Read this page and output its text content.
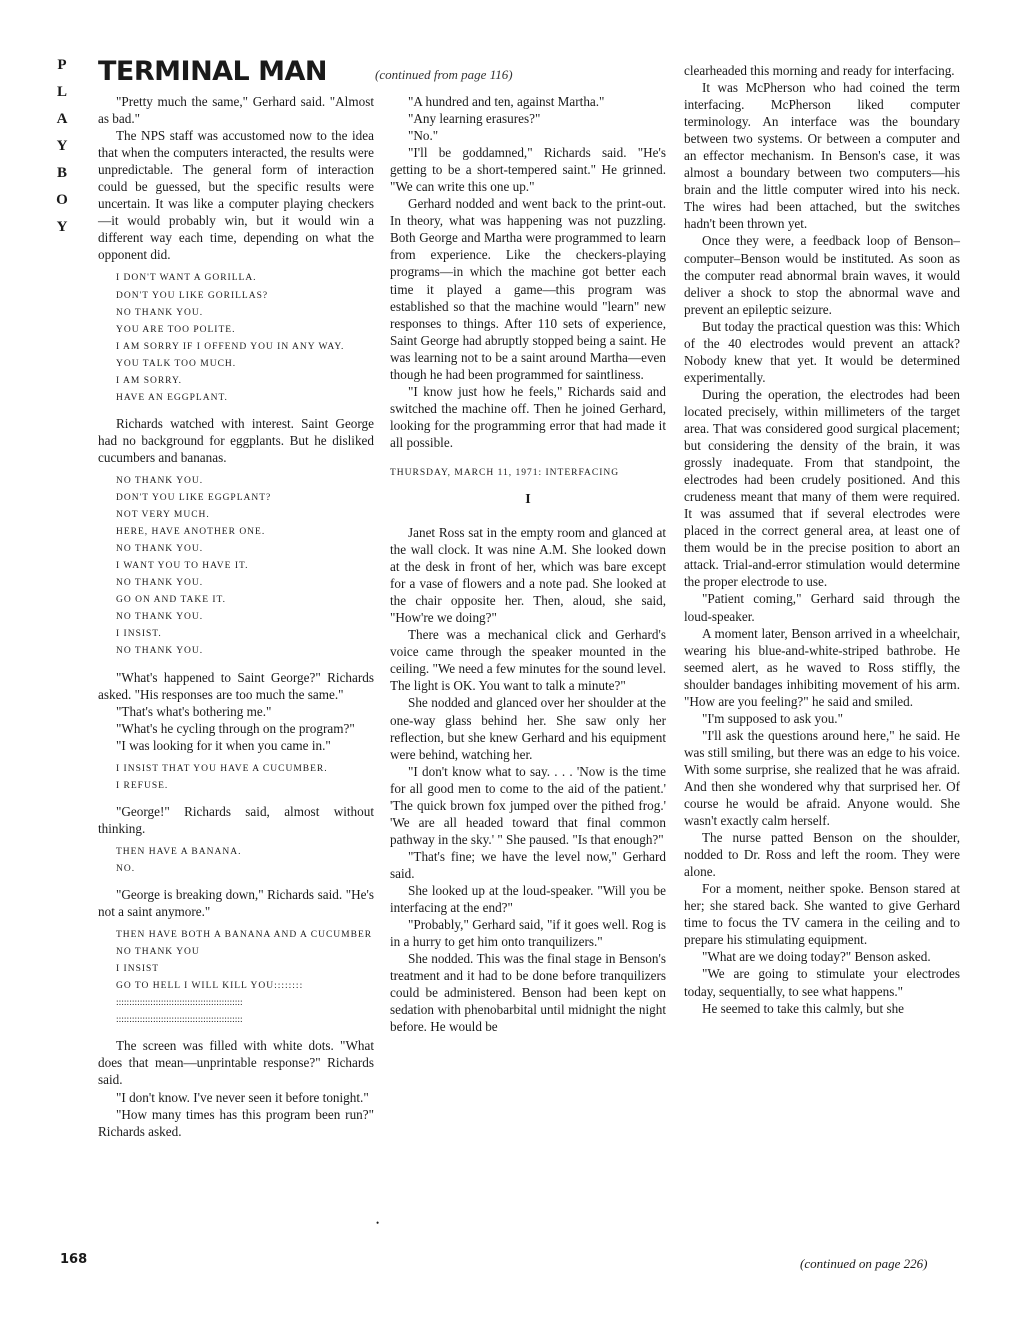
P
L
A
Y
B
O
Y
TERMINAL MAN	(continued from page 116)

"Pretty much the same," Gerhard said. "Almost as bad."

The NPS staff was accustomed now to the idea that when the computers interacted, the results were unpredictable. The general form of interaction could be guessed, but the specific results were uncertain. It was like a computer playing checkers—it would probably win, but it would win a different way each time, depending on what the opponent did.

I DON'T WANT A GORILLA.
DON'T YOU LIKE GORILLAS?
NO THANK YOU.
YOU ARE TOO POLITE.
I AM SORRY IF I OFFEND YOU IN ANY WAY.
YOU TALK TOO MUCH.
I AM SORRY.
HAVE AN EGGPLANT.

Richards watched with interest. Saint George had no background for eggplants. But he disliked cucumbers and bananas.

NO THANK YOU.
DON'T YOU LIKE EGGPLANT?
NOT VERY MUCH.
HERE, HAVE ANOTHER ONE.
NO THANK YOU.
I WANT YOU TO HAVE IT.
NO THANK YOU.
GO ON AND TAKE IT.
NO THANK YOU.
I INSIST.
NO THANK YOU.

"What's happened to Saint George?" Richards asked. "His responses are too much the same."

"That's what's bothering me."

"What's he cycling through on the program?"

"I was looking for it when you came in."

I INSIST THAT YOU HAVE A CUCUMBER.
I REFUSE.

"George!" Richards said, almost without thinking.

THEN HAVE A BANANA.
NO.

"George is breaking down," Richards said. "He's not a saint anymore."

THEN HAVE BOTH A BANANA AND A CUCUMBER
NO THANK YOU
I INSIST
GO TO HELL I WILL KILL YOU::::::::
::::::::::::::::::::::::::::::::::::::::::::::::
::::::::::::::::::::::::::::::::::::::::::::::::

The screen was filled with white dots. "What does that mean—unprintable response?" Richards said.

"I don't know. I've never seen it before tonight."

"How many times has this program been run?" Richards asked.

"A hundred and ten, against Martha."

"Any learning erasures?"

"No."

"I'll be goddamned," Richards said. "He's getting to be a short-tempered saint." He grinned. "We can write this one up."

Gerhard nodded and went back to the print-out. In theory, what was happening was not puzzling. Both George and Martha were programmed to learn from experience. Like the checkers-playing programs—in which the machine got better each time it played a game—this program was established so that the machine would "learn" new responses to things. After 110 sets of experience, Saint George had abruptly stopped being a saint. He was learning not to be a saint around Martha—even though he had been programmed for saintliness.

"I know just how he feels," Richards said and switched the machine off. Then he joined Gerhard, looking for the programming error that had made it all possible.

THURSDAY, MARCH 11, 1971: INTERFACING
I

Janet Ross sat in the empty room and glanced at the wall clock. It was nine A.M. She looked down at the desk in front of her, which was bare except for a vase of flowers and a note pad. She looked at the chair opposite her. Then, aloud, she said, "How're we doing?"

There was a mechanical click and Gerhard's voice came through the speaker mounted in the ceiling. "We need a few minutes for the sound level. The light is OK. You want to talk a minute?"

She nodded and glanced over her shoulder at the one-way glass behind her. She saw only her reflection, but she knew Gerhard and his equipment were behind, watching her.

"I don't know what to say. . . . 'Now is the time for all good men to come to the aid of the patient.' 'The quick brown fox jumped over the pithed frog.' 'We are all headed toward that final common pathway in the sky.' " She paused. "Is that enough?"

"That's fine; we have the level now," Gerhard said.

She looked up at the loud-speaker. "Will you be interfacing at the end?"

"Probably," Gerhard said, "if it goes well. Rog is in a hurry to get him onto tranquilizers."

She nodded. This was the final stage in Benson's treatment and it had to be done before tranquilizers could be administered. Benson had been kept on sedation with phenobarbital until midnight the night before. He would be

clearheaded this morning and ready for interfacing.

It was McPherson who had coined the term interfacing. McPherson liked computer terminology. An interface was the boundary between two systems. Or between a computer and an effector mechanism. In Benson's case, it was almost a boundary between two computers—his brain and the little computer wired into his neck. The wires had been attached, but the switches hadn't been thrown yet.

Once they were, a feedback loop of Benson–computer–Benson would be instituted. As soon as the computer read abnormal brain waves, it would deliver a shock to stop the abnormal wave and prevent an epileptic seizure.

But today the practical question was this: Which of the 40 electrodes would prevent an attack? Nobody knew that yet. It would be determined experimentally.

During the operation, the electrodes had been located precisely, within millimeters of the target area. That was considered good surgical placement; but considering the density of the brain, it was grossly inadequate. From that standpoint, the electrodes had been crudely positioned. And this crudeness meant that many of them were required. It was assumed that if several electrodes were placed in the correct general area, at least one of them would be in the precise position to abort an attack. Trial-and-error stimulation would determine the proper electrode to use.

"Patient coming," Gerhard said through the loud-speaker.

A moment later, Benson arrived in a wheelchair, wearing his blue-and-white-striped bathrobe. He seemed alert, as he waved to Ross stiffly, the shoulder bandages inhibiting movement of his arm. "How are you feeling?" he said and smiled.

"I'm supposed to ask you."

"I'll ask the questions around here," he said. He was still smiling, but there was an edge to his voice. With some surprise, she realized that he was afraid. And then she wondered why that surprised her. Of course he would be afraid. Anyone would. She wasn't exactly calm herself.

The nurse patted Benson on the shoulder, nodded to Dr. Ross and left the room. They were alone.

For a moment, neither spoke. Benson stared at her; she stared back. She wanted to give Gerhard time to focus the TV camera in the ceiling and to prepare his stimulating equipment.

"What are we doing today?" Benson asked.

"We are going to stimulate your electrodes today, sequentially, to see what happens."

He seemed to take this calmly, but she

•
168	(continued on page 226)
